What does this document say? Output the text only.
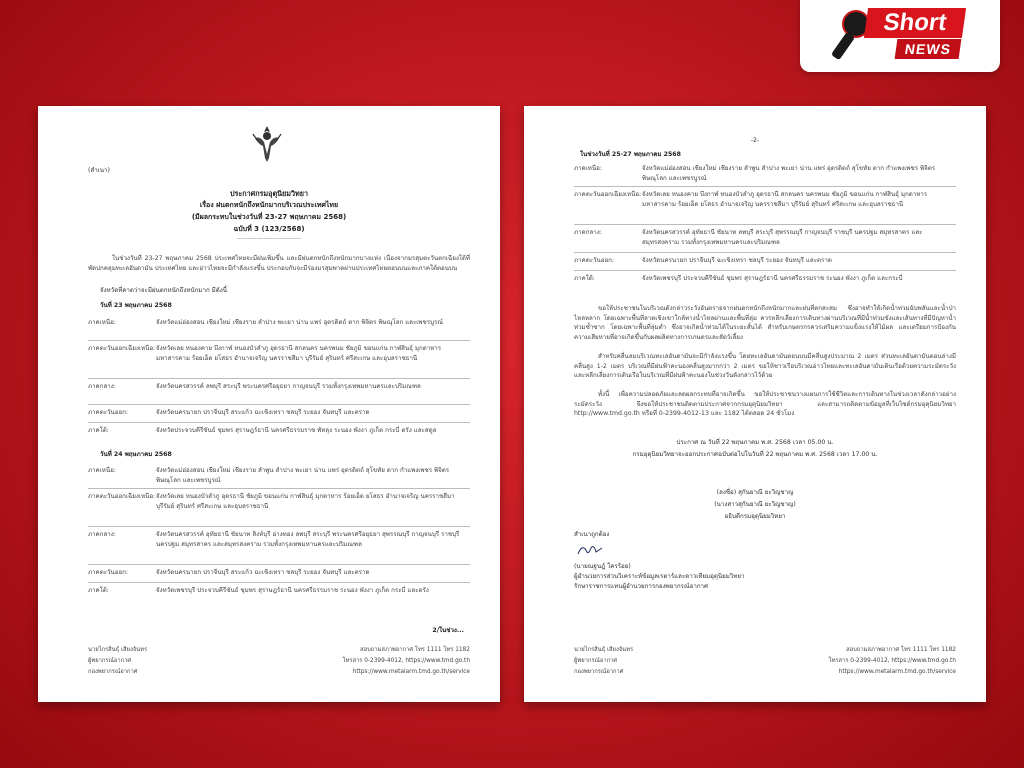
Short
NEWS
(สำเนา)
ประกาศกรมอุตุนิยมวิทยา
เรื่อง ฝนตกหนักถึงหนักมากบริเวณประเทศไทย
(มีผลกระทบในช่วงวันที่ 23-27 พฤษภาคม 2568)
ฉบับที่ 3 (123/2568)
-----------------------------
ในช่วงวันที่ 23-27 พฤษภาคม 2568 ประเทศไทยจะมีฝนเพิ่มขึ้น และมีฝนตกหนักถึงหนักมากบางแห่ง เนื่องจากมรสุมตะวันตกเฉียงใต้ที่พัดปกคลุมทะเลอันดามัน ประเทศไทย และอ่าวไทยจะมีกำลังแรงขึ้น ประกอบกับจะมีร่องมรสุมพาดผ่านประเทศไทยตอนบนและภาคใต้ตอนบน
จังหวัดที่คาดว่าจะมีฝนตกหนักถึงหนักมาก มีดังนี้
วันที่ 23 พฤษภาคม 2568
ภาคเหนือ:	จังหวัดแม่ฮ่องสอน เชียงใหม่ เชียงราย ลำปาง พะเยา น่าน แพร่ อุตรดิตถ์ ตาก พิจิตร พิษณุโลก และเพชรบูรณ์
ภาคตะวันออกเฉียงเหนือ: จังหวัดเลย หนองคาย บึงกาฬ หนองบัวลำภู อุดรธานี สกลนคร นครพนม ชัยภูมิ ขอนแก่น กาฬสินธุ์ มุกดาหาร มหาสารคาม ร้อยเอ็ด ยโสธร อำนาจเจริญ นครราชสีมา บุรีรัมย์ สุรินทร์ ศรีสะเกษ และอุบลราชธานี
ภาคกลาง:	จังหวัดนครสวรรค์ ลพบุรี สระบุรี พระนครศรีอยุธยา กาญจนบุรี รวมทั้งกรุงเทพมหานครและปริมณฑล
ภาคตะวันออก:	จังหวัดนครนายก ปราจีนบุรี สระแก้ว ฉะเชิงเทรา ชลบุรี ระยอง จันทบุรี และตราด
ภาคใต้:	จังหวัดประจวบคีรีขันธ์ ชุมพร สุราษฎร์ธานี นครศรีธรรมราช พัทลุง ระนอง พังงา ภูเก็ต กระบี่ ตรัง และสตูล
วันที่ 24 พฤษภาคม 2568
ภาคเหนือ:	จังหวัดแม่ฮ่องสอน เชียงใหม่ เชียงราย ลำพูน ลำปาง พะเยา น่าน แพร่ อุตรดิตถ์ สุโขทัย ตาก กำแพงเพชร พิจิตร พิษณุโลก และเพชรบูรณ์
ภาคตะวันออกเฉียงเหนือ: จังหวัดเลย หนองบัวลำภู อุดรธานี ชัยภูมิ ขอนแก่น กาฬสินธุ์ มุกดาหาร ร้อยเอ็ด ยโสธร อำนาจเจริญ นครราชสีมา บุรีรัมย์ สุรินทร์ ศรีสะเกษ และอุบลราชธานี
ภาคกลาง:	จังหวัดนครสวรรค์ อุทัยธานี ชัยนาท สิงห์บุรี อ่างทอง ลพบุรี สระบุรี พระนครศรีอยุธยา สุพรรณบุรี กาญจนบุรี ราชบุรี นครปฐม สมุทรสาคร และสมุทรสงคราม รวมทั้งกรุงเทพมหานครและปริมณฑล
ภาคตะวันออก:	จังหวัดนครนายก ปราจีนบุรี สระแก้ว ฉะเชิงเทรา ชลบุรี ระยอง จันทบุรี และตราด
ภาคใต้:	จังหวัดเพชรบุรี ประจวบคีรีขันธ์ ชุมพร สุราษฎร์ธานี นครศรีธรรมราช ระนอง พังงา ภูเก็ต กระบี่ และตรัง
2/ในช่วง...
นายไกรสินธุ์ เสียงจันทร
ผู้พยากรณ์อากาศ
กองพยากรณ์อากาศ
สอบถามสภาพอากาศ โทร 1111 โทร 1182
โทรสาร 0-2399-4012, https://www.tmd.go.th
https://www.metalarm.tmd.go.th/service
-2-
ในช่วงวันที่ 25-27 พฤษภาคม 2568
ภาคเหนือ:	จังหวัดแม่ฮ่องสอน เชียงใหม่ เชียงราย ลำพูน ลำปาง พะเยา น่าน แพร่ อุตรดิตถ์ สุโขทัย ตาก กำแพงเพชร พิจิตร พิษณุโลก และเพชรบูรณ์
ภาคตะวันออกเฉียงเหนือ: จังหวัดเลย หนองคาย บึงกาฬ หนองบัวลำภู อุดรธานี สกลนคร นครพนม ชัยภูมิ ขอนแก่น กาฬสินธุ์ มุกดาหาร มหาสารคาม ร้อยเอ็ด ยโสธร อำนาจเจริญ นครราชสีมา บุรีรัมย์ สุรินทร์ ศรีสะเกษ และอุบลราชธานี
ภาคกลาง:	จังหวัดนครสวรรค์ อุทัยธานี ชัยนาท ลพบุรี สระบุรี สุพรรณบุรี กาญจนบุรี ราชบุรี นครปฐม สมุทรสาคร และสมุทรสงคราม รวมทั้งกรุงเทพมหานครและปริมณฑล
ภาคตะวันออก:	จังหวัดนครนายก ปราจีนบุรี ฉะเชิงเทรา ชลบุรี ระยอง จันทบุรี และตราด
ภาคใต้:	จังหวัดเพชรบุรี ประจวบคีรีขันธ์ ชุมพร สุราษฎร์ธานี นครศรีธรรมราช ระนอง พังงา ภูเก็ต และกระบี่
ขอให้ประชาชนในบริเวณดังกล่าวระวังอันตรายจากฝนตกหนักถึงหนักมากและฝนที่ตกสะสม ซึ่งอาจทำให้เกิดน้ำท่วมฉับพลันและน้ำป่าไหลหลาก โดยเฉพาะพื้นที่ลาดเชิงเขาใกล้ทางน้ำไหลผ่านและพื้นที่ลุ่ม ควรหลีกเลี่ยงการเดินทางผ่านบริเวณที่มีน้ำท่วมขังและเส้นทางที่มีปัญหาน้ำท่วมซ้ำซาก โดยเฉพาะพื้นที่ลุ่มต่ำ ซึ่งอาจเกิดน้ำท่วมได้ในระยะสั้นได้ สำหรับเกษตรกรควรเสริมความแข็งแรงให้ไม้ผล และเตรียมการป้องกันความเสียหายที่อาจเกิดขึ้นกับผลผลิตทางการเกษตรและสัตว์เลี้ยง
สำหรับคลื่นลมบริเวณทะเลอันดามันจะมีกำลังแรงขึ้น โดยทะเลอันดามันตอนบนมีคลื่นสูงประมาณ 2 เมตร ส่วนทะเลอันดามันตอนล่างมีคลื่นสูง 1-2 เมตร บริเวณที่มีฝนฟ้าคะนองคลื่นสูงมากกว่า 2 เมตร ขอให้ชาวเรือบริเวณอ่าวไทยและทะเลอันดามันเดินเรือด้วยความระมัดระวังและหลีกเลี่ยงการเดินเรือในบริเวณที่มีฝนฟ้าคะนองในช่วงวันดังกล่าวไว้ด้วย
ทั้งนี้ เพื่อความปลอดภัยและลดผลกระทบที่อาจเกิดขึ้น ขอให้ประชาชนวางแผนการใช้ชีวิตและการเดินทางในช่วงเวลาดังกล่าวอย่างระมัดระวัง จึงขอให้ประชาชนติดตามประกาศจากกรมอุตุนิยมวิทยา และสามารถติดตามข้อมูลที่เว็บไซต์กรมอุตุนิยมวิทยา http://www.tmd.go.th หรือที่ 0-2399-4012-13 และ 1182 ได้ตลอด 24 ชั่วโมง
ประกาศ ณ วันที่ 22 พฤษภาคม พ.ศ. 2568 เวลา 05.00 น.
กรมอุตุนิยมวิทยาจะออกประกาศฉบับต่อไปในวันที่ 22 พฤษภาคม พ.ศ. 2568 เวลา 17.00 น.
(ลงชื่อ) สุกันยาณี ยะวิญชาญ
(นางสาวสุกันยาณี ยะวิญชาญ)
อธิบดีกรมอุตุนิยมวิทยา
สำเนาถูกต้อง
(นายณฐนฎ์ ใครร้อย)
ผู้อำนวยการส่วนวิเคราะห์ข้อมูลเรดาร์และดาวเทียมอุตุนิยมวิทยา
รักษาราชการแทนผู้อำนวยการกองพยากรณ์อากาศ
นายไกรสินธุ์ เสียงจันทร
ผู้พยากรณ์อากาศ
กองพยากรณ์อากาศ
สอบถามสภาพอากาศ โทร 1111 โทร 1182
โทรสาร 0-2399-4012, https://www.tmd.go.th
https://www.metalarm.tmd.go.th/service
